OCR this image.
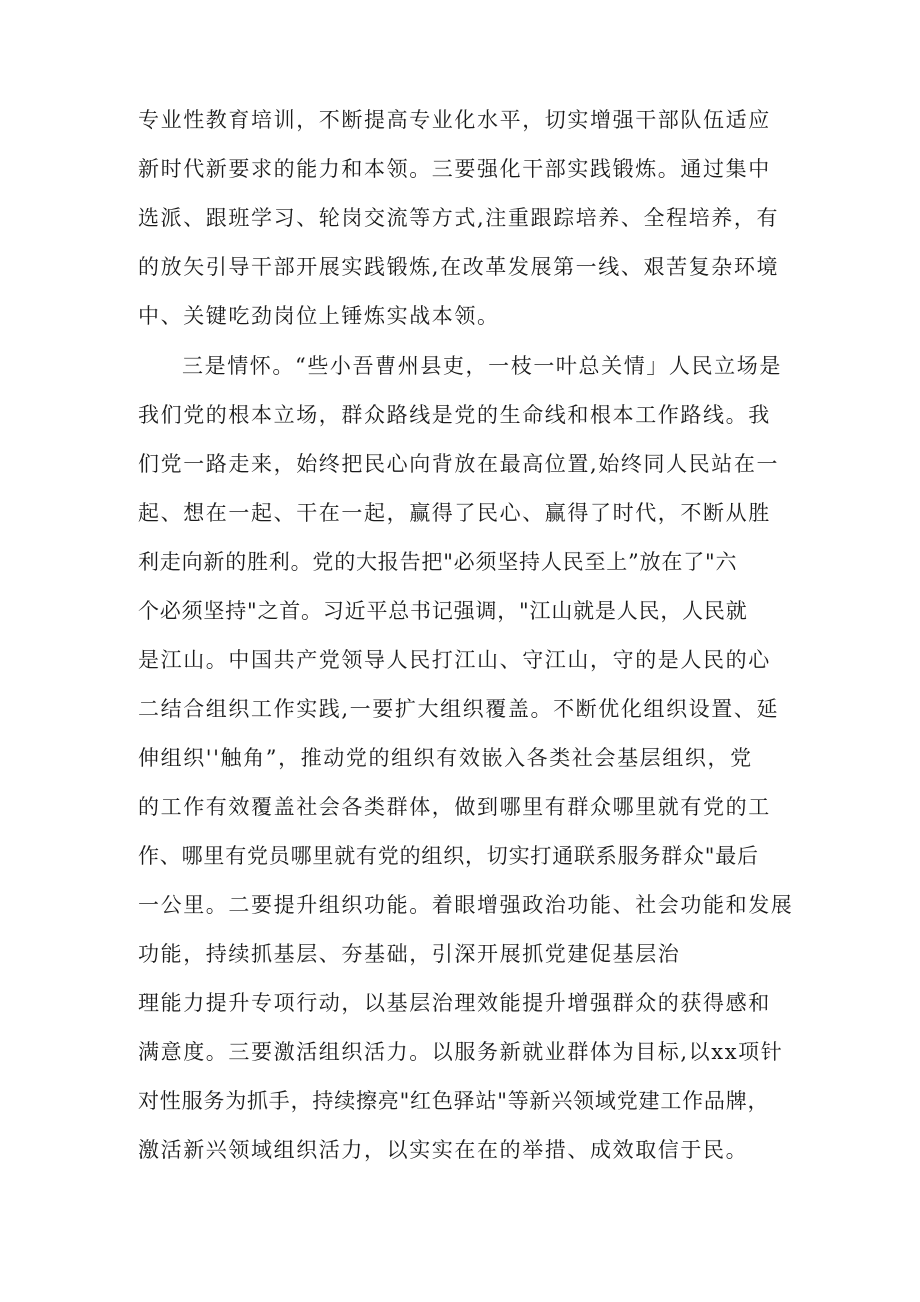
专业性教育培训，不断提高专业化水平，切实增强干部队伍适应
新时代新要求的能力和本领。三要强化干部实践锻炼。通过集中
选派、跟班学习、轮岗交流等方式,注重跟踪培养、全程培养，有
的放矢引导干部开展实践锻炼,在改革发展第一线、艰苦复杂环境
中、关键吃劲岗位上锤炼实战本领。
三是情怀。“些小吾曹州县吏，一枝一叶总关情」人民立场是
我们党的根本立场，群众路线是党的生命线和根本工作路线。我
们党一路走来，始终把民心向背放在最高位置,始终同人民站在一
起、想在一起、干在一起，赢得了民心、赢得了时代，不断从胜
利走向新的胜利。党的大报告把"必须坚持人民至上”放在了"六
个必须坚持"之首。习近平总书记强调，"江山就是人民，人民就
是江山。中国共产党领导人民打江山、守江山，守的是人民的心
二结合组织工作实践,一要扩大组织覆盖。不断优化组织设置、延
伸组织''触角”，推动党的组织有效嵌入各类社会基层组织，党
的工作有效覆盖社会各类群体，做到哪里有群众哪里就有党的工
作、哪里有党员哪里就有党的组织，切实打通联系服务群众"最后
一公里。二要提升组织功能。着眼增强政治功能、社会功能和发展
功能，持续抓基层、夯基础，引深开展抓党建促基层治
理能力提升专项行动，以基层治理效能提升增强群众的获得感和
满意度。三要激活组织活力。以服务新就业群体为目标,以xx项针
对性服务为抓手，持续擦亮"红色驿站"等新兴领域党建工作品牌，
激活新兴领域组织活力，以实实在在的举措、成效取信于民。
